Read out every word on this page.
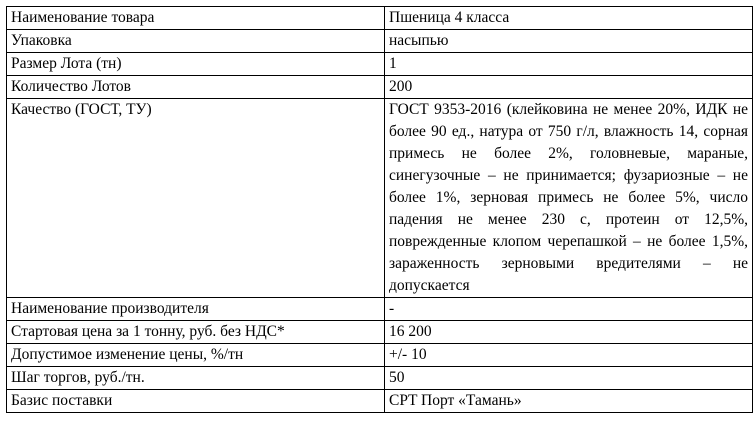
Наименование товара	Пшеница 4 класса
Упаковка	насыпью
Размер Лота (тн)	1
Количество Лотов	200
Качество (ГОСТ, ТУ)	ГОСТ 9353-2016 (клейковина не менее 20%, ИДК не более 90 ед., натура от 750 г/л, влажность 14, сорная примесь не более 2%, головневые, мараные, синегузочные – не принимается; фузариозные – не более 1%, зерновая примесь не более 5%, число падения не менее 230 с, протеин от 12,5%, поврежденные клопом черепашкой – не более 1,5%, зараженность зерновыми вредителями – не допускается
Наименование производителя	-
Стартовая цена за 1 тонну, руб. без НДС*	16 200
Допустимое изменение цены, %/тн	+/- 10
Шаг торгов, руб./тн.	50
Базис поставки	CPT Порт «Тамань»
